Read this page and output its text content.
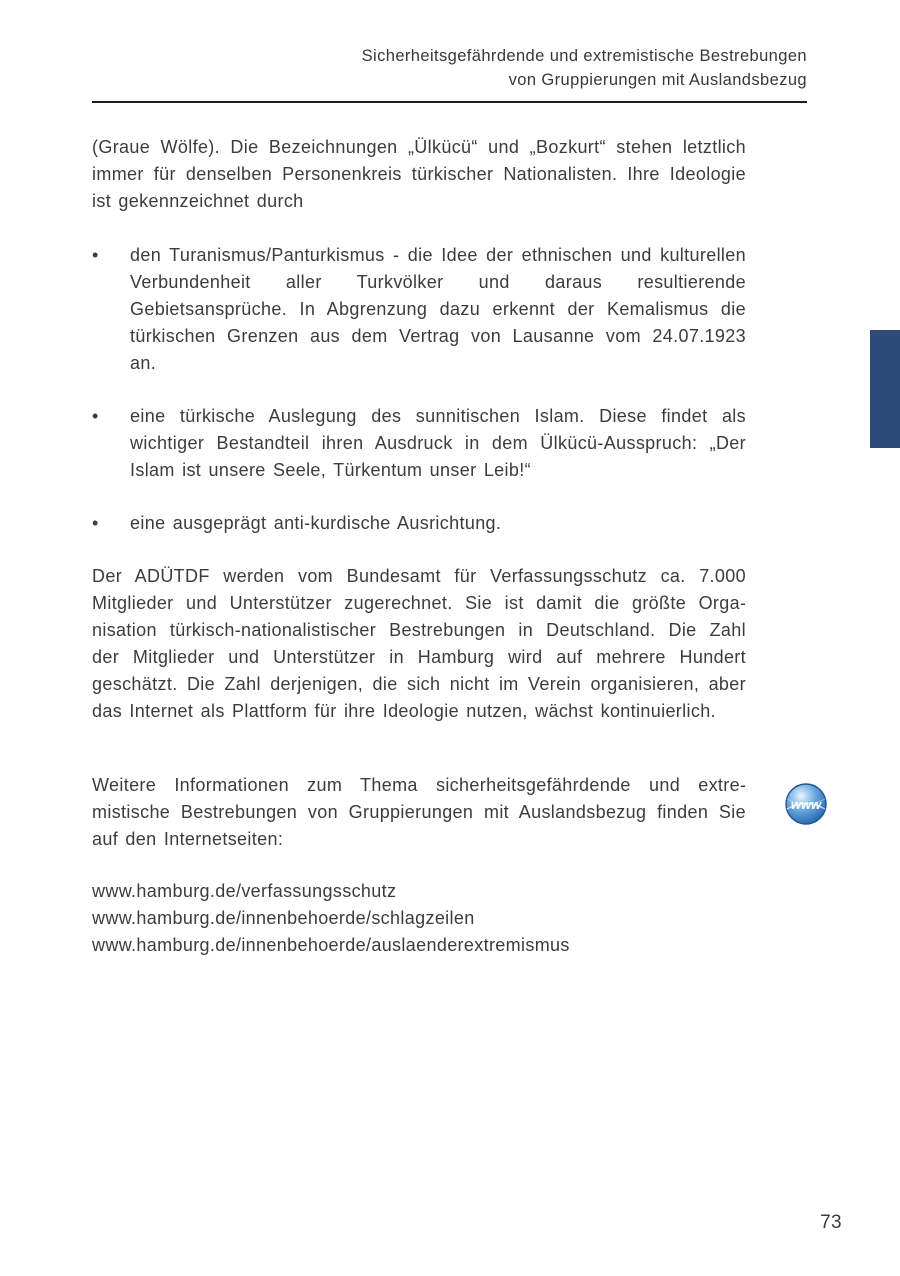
Sicherheitsgefährdende und extremistische Bestrebungen
von Gruppierungen mit Auslandsbezug

(Graue Wölfe). Die Bezeichnungen „Ülkücü“ und „Bozkurt“ stehen letztlich immer für denselben Personenkreis türkischer Nationalisten. Ihre Ideologie ist gekennzeichnet durch

•	den Turanismus/Panturkismus - die Idee der ethnischen und kulturellen Verbundenheit aller Turkvölker und daraus resultierende Gebietsansprüche. In Abgrenzung dazu erkennt der Kemalismus die türkischen Grenzen aus dem Vertrag von Lausanne vom 24.07.1923 an.
•	eine türkische Auslegung des sunnitischen Islam. Diese findet als wichtiger Bestandteil ihren Ausdruck in dem Ülkücü-Ausspruch: „Der Islam ist unsere Seele, Türkentum unser Leib!“
•	eine ausgeprägt anti-kurdische Ausrichtung.

Der ADÜTDF werden vom Bundesamt für Verfassungsschutz ca. 7.000 Mitglieder und Unterstützer zugerechnet. Sie ist damit die größte Organisation türkisch-nationalistischer Bestrebungen in Deutschland. Die Zahl der Mitglieder und Unterstützer in Hamburg wird auf mehrere Hundert geschätzt. Die Zahl derjenigen, die sich nicht im Verein organisieren, aber das Internet als Plattform für ihre Ideologie nutzen, wächst kontinuierlich.

Weitere Informationen zum Thema sicherheitsgefährdende und extremistische Bestrebungen von Gruppierungen mit Auslandsbezug finden Sie auf den Internetseiten:

www.hamburg.de/verfassungsschutz
www.hamburg.de/innenbehoerde/schlagzeilen
www.hamburg.de/innenbehoerde/auslaenderextremismus
www
73
